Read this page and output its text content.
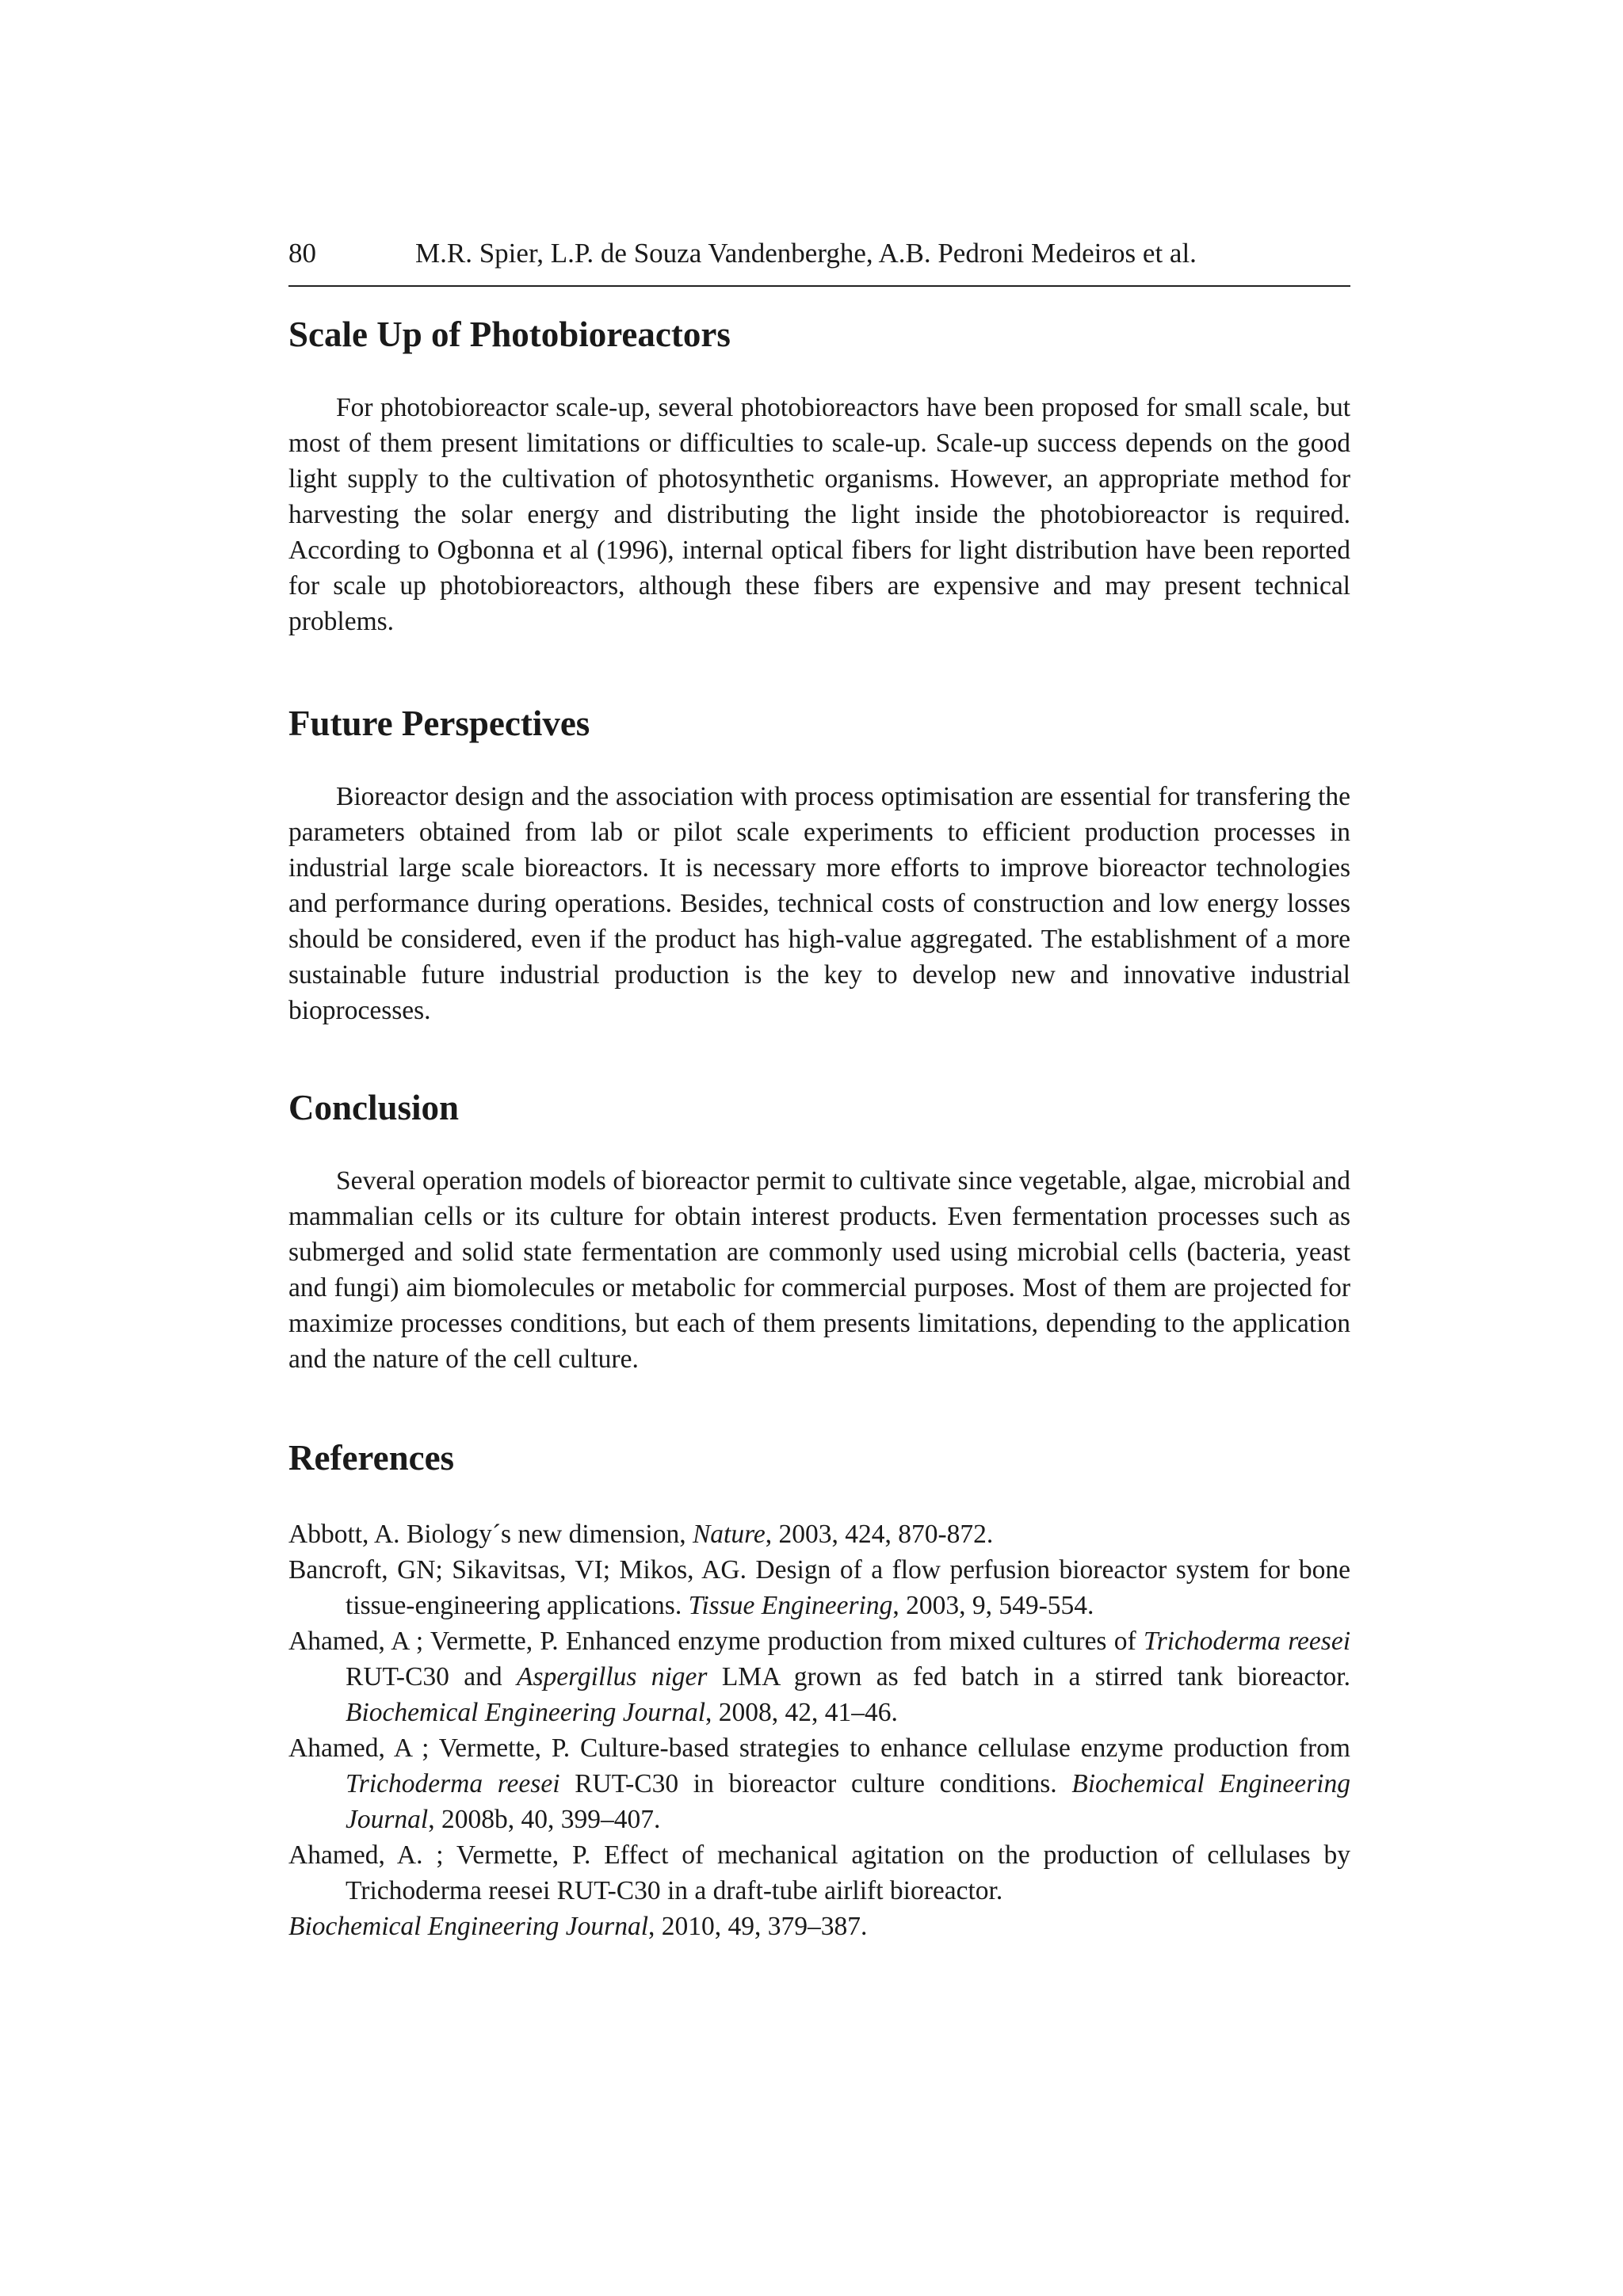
80	M.R. Spier, L.P. de Souza Vandenberghe, A.B. Pedroni Medeiros et al.
Scale Up of Photobioreactors

For photobioreactor scale-up, several photobioreactors have been proposed for small scale, but most of them present limitations or difficulties to scale-up. Scale-up success depends on the good light supply to the cultivation of photosynthetic organisms. However, an appropriate method for harvesting the solar energy and distributing the light inside the photobioreactor is required. According to Ogbonna et al (1996), internal optical fibers for light distribution have been reported for scale up photobioreactors, although these fibers are expensive and may present technical problems.

Future Perspectives

Bioreactor design and the association with process optimisation are essential for transfering the parameters obtained from lab or pilot scale experiments to efficient production processes in industrial large scale bioreactors. It is necessary more efforts to improve bioreactor technologies and performance during operations. Besides, technical costs of construction and low energy losses should be considered, even if the product has high-value aggregated. The establishment of a more sustainable future industrial production is the key to develop new and innovative industrial bioprocesses.

Conclusion

Several operation models of bioreactor permit to cultivate since vegetable, algae, microbial and mammalian cells or its culture for obtain interest products. Even fermentation processes such as submerged and solid state fermentation are commonly used using microbial cells (bacteria, yeast and fungi) aim biomolecules or metabolic for commercial purposes. Most of them are projected for maximize processes conditions, but each of them presents limitations, depending to the application and the nature of the cell culture.

References

Abbott, A. Biology´s new dimension, Nature, 2003, 424, 870-872.

Bancroft, GN; Sikavitsas, VI; Mikos, AG. Design of a flow perfusion bioreactor system for bone tissue-engineering applications. Tissue Engineering, 2003, 9, 549-554.

Ahamed, A ; Vermette, P. Enhanced enzyme production from mixed cultures of Trichoderma reesei RUT-C30 and Aspergillus niger LMA grown as fed batch in a stirred tank bioreactor. Biochemical Engineering Journal, 2008, 42, 41–46.

Ahamed, A ; Vermette, P. Culture-based strategies to enhance cellulase enzyme production from Trichoderma reesei RUT-C30 in bioreactor culture conditions. Biochemical Engineering Journal, 2008b, 40, 399–407.

Ahamed, A. ; Vermette, P. Effect of mechanical agitation on the production of cellulases by Trichoderma reesei RUT-C30 in a draft-tube airlift bioreactor.

Biochemical Engineering Journal, 2010, 49, 379–387.
